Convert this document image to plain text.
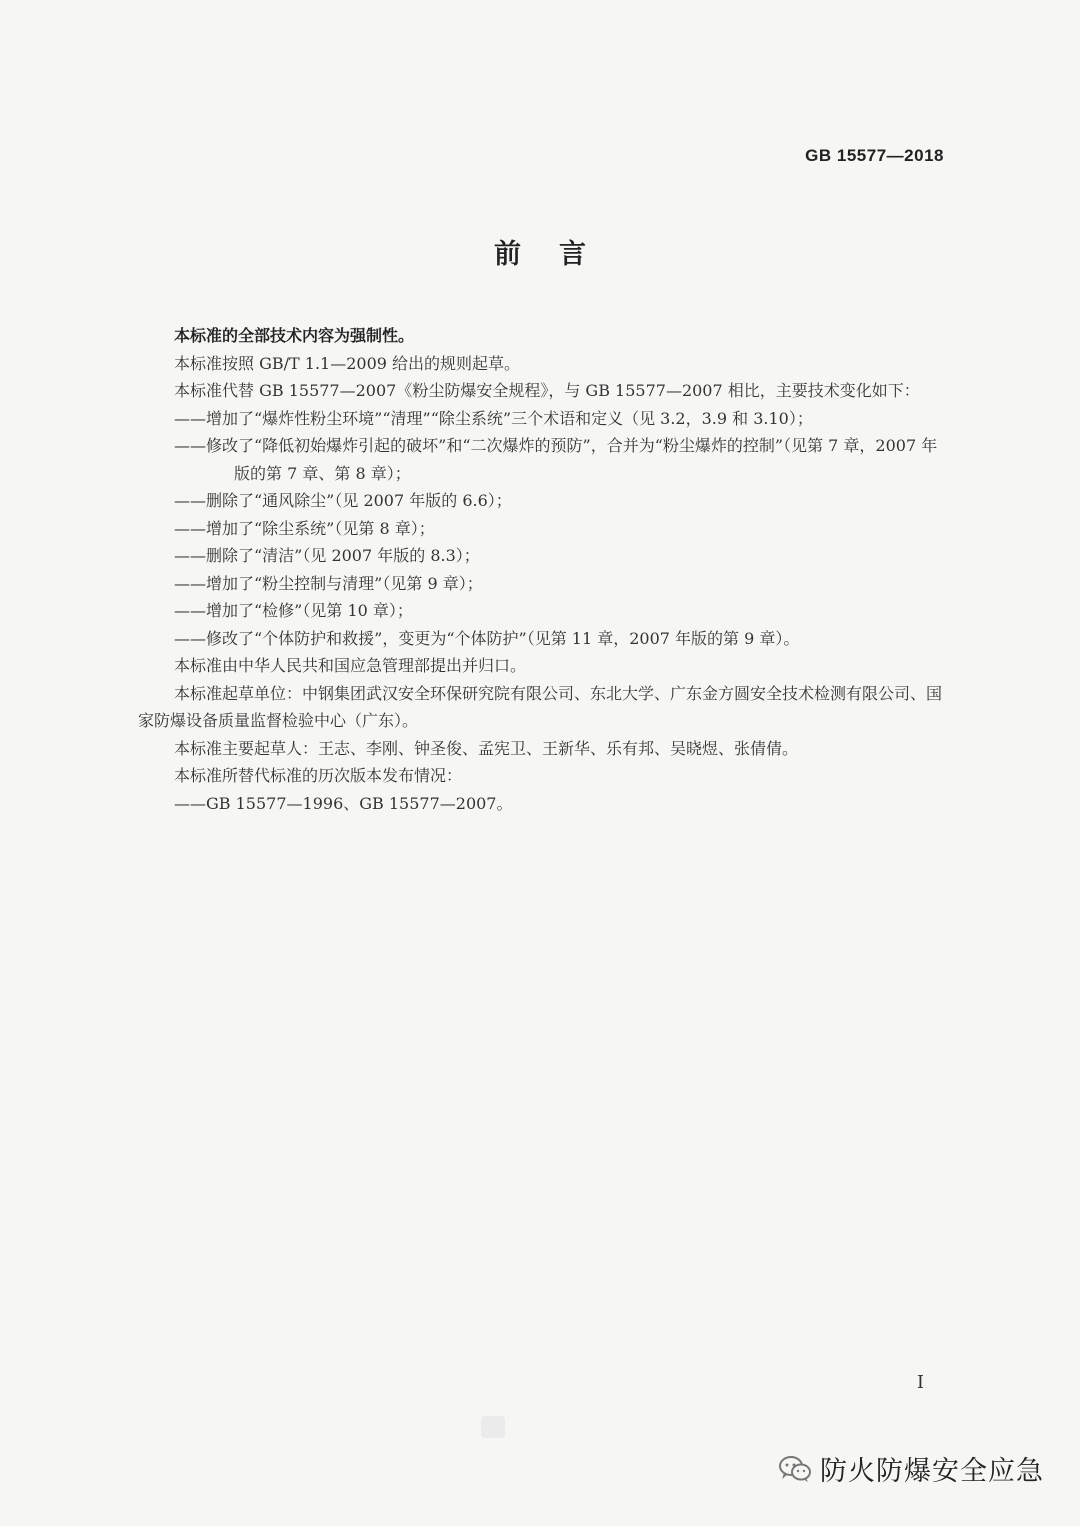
GB 15577—2018
前言

本标准的全部技术内容为强制性。

本标准按照 GB/T 1.1—2009 给出的规则起草。

本标准代替 GB 15577—2007《粉尘防爆安全规程》，与 GB 15577—2007 相比，主要技术变化如下：

——增加了“爆炸性粉尘环境”“清理”“除尘系统”三个术语和定义（见 3.2，3.9 和 3.10）；
——修改了“降低初始爆炸引起的破坏”和“二次爆炸的预防”，合并为“粉尘爆炸的控制”（见第 7 章，2007 年版的第 7 章、第 8 章）；
——删除了“通风除尘”（见 2007 年版的 6.6）；
——增加了“除尘系统”（见第 8 章）；
——删除了“清洁”（见 2007 年版的 8.3）；
——增加了“粉尘控制与清理”（见第 9 章）；
——增加了“检修”（见第 10 章）；
——修改了“个体防护和救援”，变更为“个体防护”（见第 11 章，2007 年版的第 9 章）。

本标准由中华人民共和国应急管理部提出并归口。

本标准起草单位：中钢集团武汉安全环保研究院有限公司、东北大学、广东金方圆安全技术检测有限公司、国家防爆设备质量监督检验中心（广东）。

本标准主要起草人：王志、李刚、钟圣俊、孟宪卫、王新华、乐有邦、吴晓煜、张倩倩。

本标准所替代标准的历次版本发布情况：

——GB 15577—1996、GB 15577—2007。

I
防火防爆安全应急
